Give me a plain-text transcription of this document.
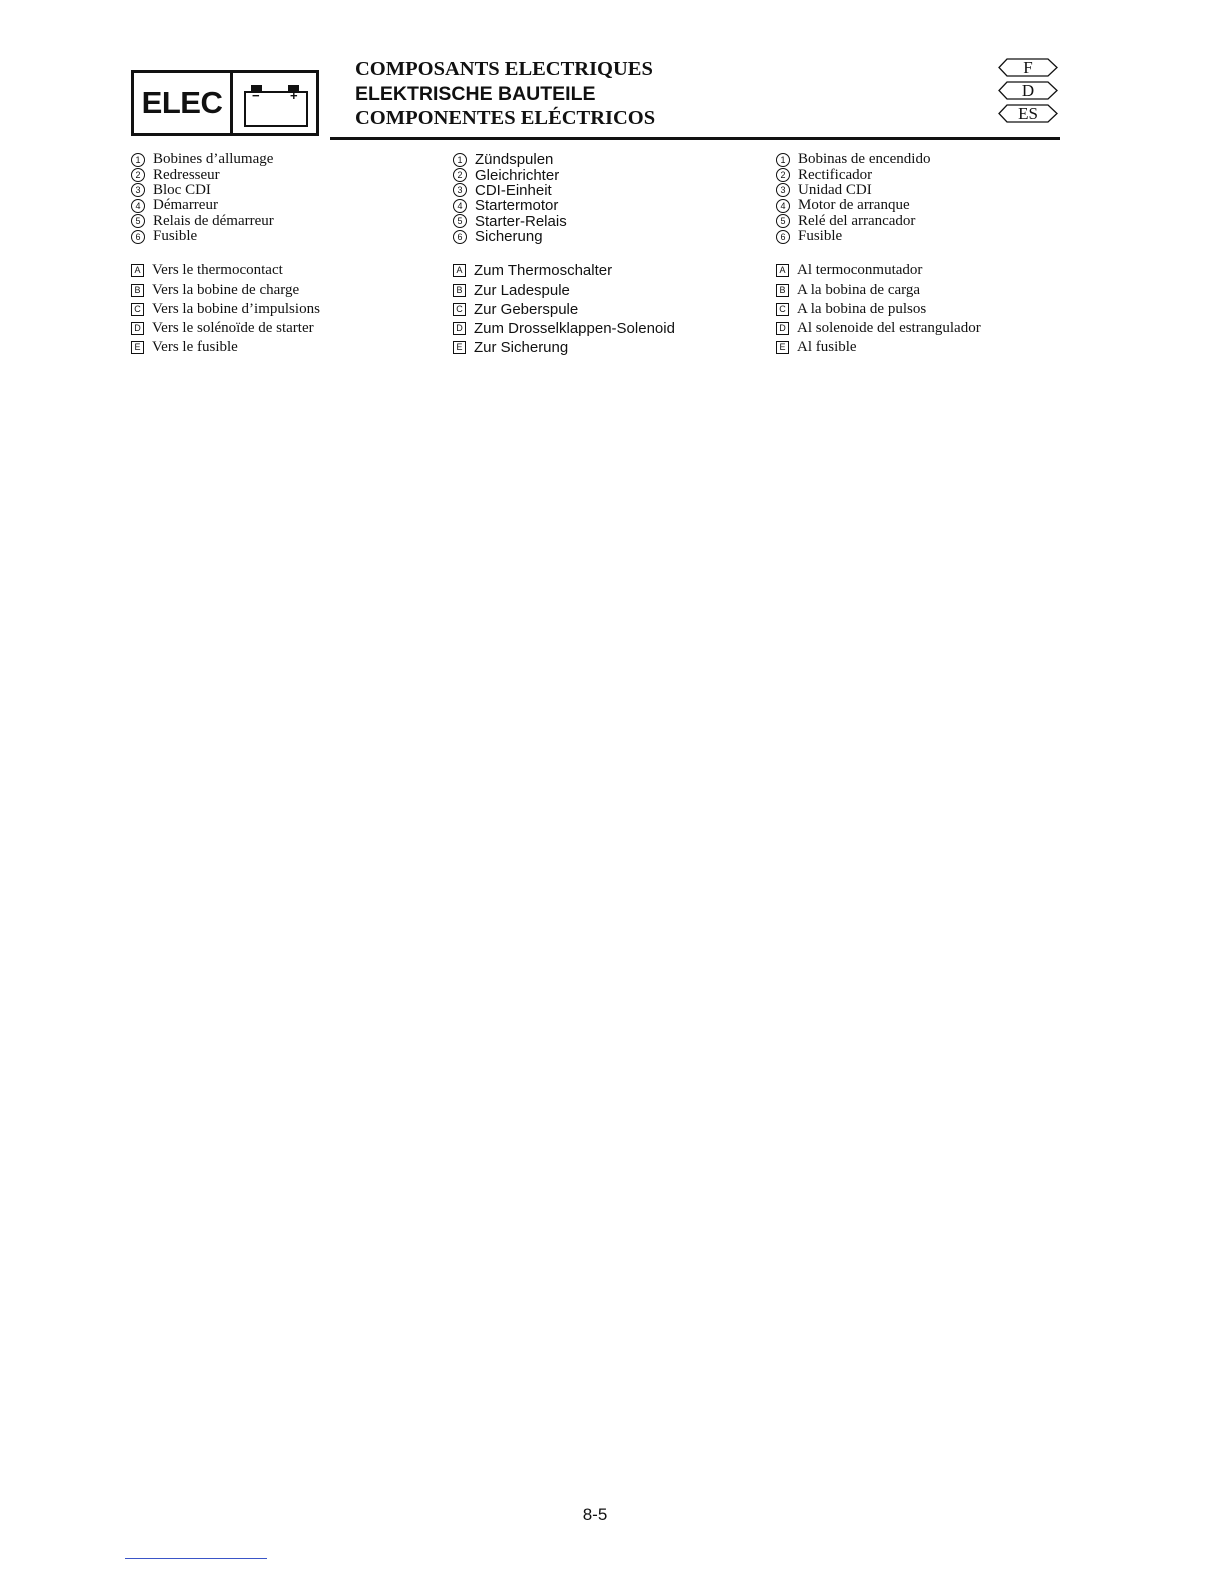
ELEC	− +
COMPOSANTS ELECTRIQUES
ELEKTRISCHE BAUTEILE
COMPONENTES ELÉCTRICOS
F
D
ES
1 Bobines d’allumage
2 Redresseur
3 Bloc CDI
4 Démarreur
5 Relais de démarreur
6 Fusible
A Vers le thermocontact
B Vers la bobine de charge
C Vers la bobine d’impulsions
D Vers le solénoïde de starter
E Vers le fusible
1 Zündspulen
2 Gleichrichter
3 CDI-Einheit
4 Startermotor
5 Starter-Relais
6 Sicherung
A Zum Thermoschalter
B Zur Ladespule
C Zur Geberspule
D Zum Drosselklappen-Solenoid
E Zur Sicherung
1 Bobinas de encendido
2 Rectificador
3 Unidad CDI
4 Motor de arranque
5 Relé del arrancador
6 Fusible
A Al termoconmutador
B A la bobina de carga
C A la bobina de pulsos
D Al solenoide del estrangulador
E Al fusible
8-5
